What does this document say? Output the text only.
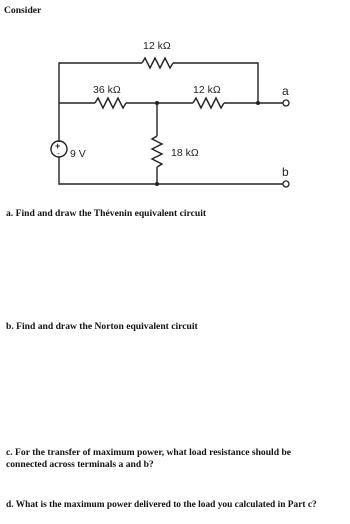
Consider

12 kΩ
36 kΩ	12 kΩ
18 kΩ
9 V
+
-
a
b

a. Find and draw the Thévenin equivalent circuit

b. Find and draw the Norton equivalent circuit

c. For the transfer of maximum power, what load resistance should be connected across terminals a and b?

d. What is the maximum power delivered to the load you calculated in Part c?
